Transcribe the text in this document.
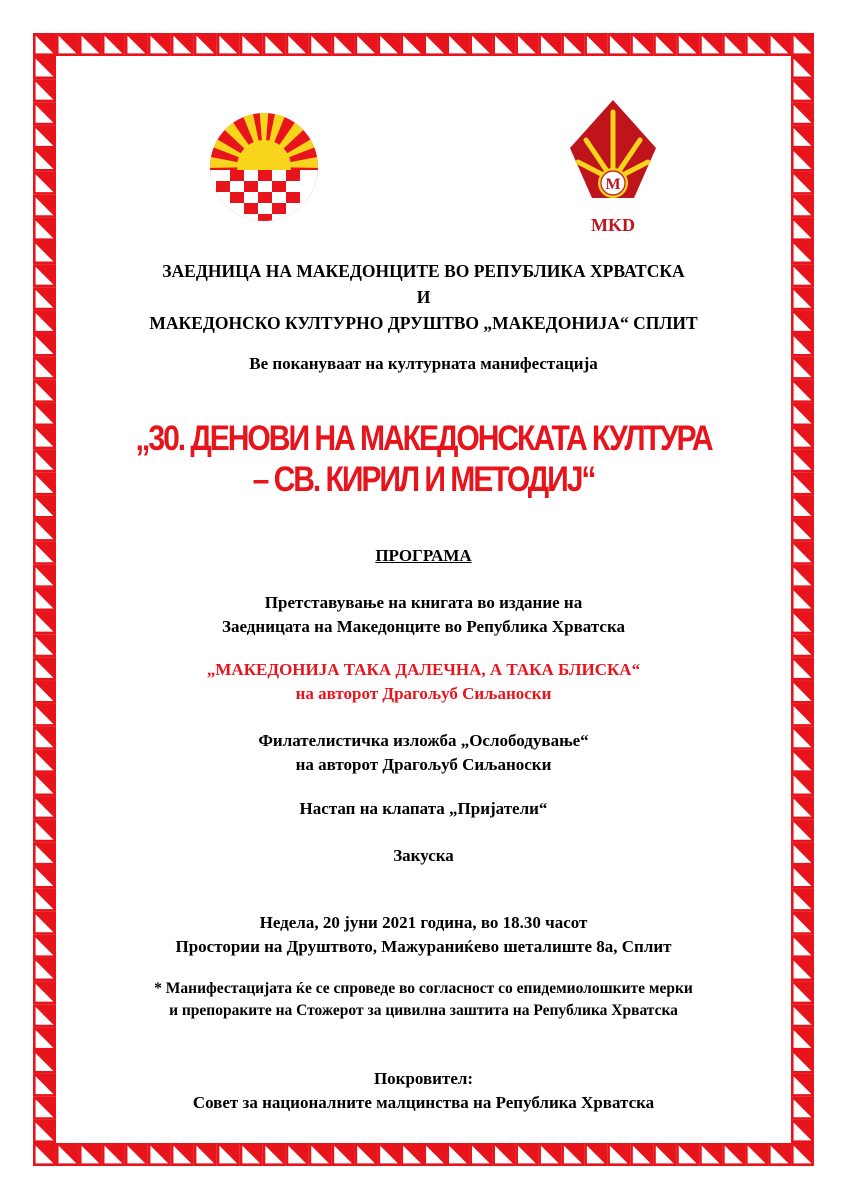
М
MKD
ЗАЕДНИЦА НА МАКЕДОНЦИТЕ ВО РЕПУБЛИКА ХРВАТСКА
И
МАКЕДОНСКО КУЛТУРНО ДРУШТВО „МАКЕДОНИЈА“ СПЛИТ
Ве покануваат на културната манифестација
„30. ДЕНОВИ НА МАКЕДОНСКАТА КУЛТУРА
– СВ. КИРИЛ И МЕТОДИЈ“
ПРОГРАМА
Претставување на книгата во издание на
Заедницата на Македонците во Република Хрватска
„МАКЕДОНИЈА ТАКА ДАЛЕЧНА, А ТАКА БЛИСКА“
на авторот Драгољуб Сиљаноски
Филателистичка изложба „Ослободување“
на авторот Драгољуб Сиљаноски
Настап на клапата „Пријатели“
Закуска
Недела, 20 јуни 2021 година, во 18.30 часот
Простории на Друштвото, Мажураниќево шеталиште 8а, Сплит
* Манифестацијата ќе се спроведе во согласност со епидемиолошките мерки
и препораките на Стожерот за цивилна заштита на Република Хрватска
Покровител:
Совет за националните малцинства на Република Хрватска
